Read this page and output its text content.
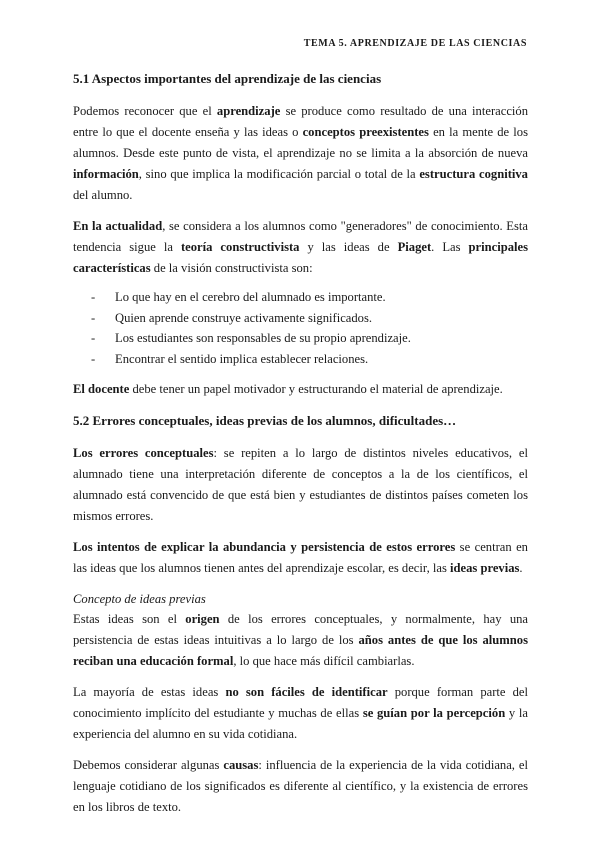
TEMA 5. APRENDIZAJE DE LAS CIENCIAS
5.1 Aspectos importantes del aprendizaje de las ciencias

Podemos reconocer que el aprendizaje se produce como resultado de una interacción entre lo que el docente enseña y las ideas o conceptos preexistentes en la mente de los alumnos. Desde este punto de vista, el aprendizaje no se limita a la absorción de nueva información, sino que implica la modificación parcial o total de la estructura cognitiva del alumno.

En la actualidad, se considera a los alumnos como "generadores" de conocimiento. Esta tendencia sigue la teoría constructivista y las ideas de Piaget. Las principales características de la visión constructivista son:

- Lo que hay en el cerebro del alumnado es importante.
- Quien aprende construye activamente significados.
- Los estudiantes son responsables de su propio aprendizaje.
- Encontrar el sentido implica establecer relaciones.

El docente debe tener un papel motivador y estructurando el material de aprendizaje.

5.2 Errores conceptuales, ideas previas de los alumnos, dificultades…

Los errores conceptuales: se repiten a lo largo de distintos niveles educativos, el alumnado tiene una interpretación diferente de conceptos a la de los científicos, el alumnado está convencido de que está bien y estudiantes de distintos países cometen los mismos errores.

Los intentos de explicar la abundancia y persistencia de estos errores se centran en las ideas que los alumnos tienen antes del aprendizaje escolar, es decir, las ideas previas.

Concepto de ideas previas

Estas ideas son el origen de los errores conceptuales, y normalmente, hay una persistencia de estas ideas intuitivas a lo largo de los años antes de que los alumnos reciban una educación formal, lo que hace más difícil cambiarlas.

La mayoría de estas ideas no son fáciles de identificar porque forman parte del conocimiento implícito del estudiante y muchas de ellas se guían por la percepción y la experiencia del alumno en su vida cotidiana.

Debemos considerar algunas causas: influencia de la experiencia de la vida cotidiana, el lenguaje cotidiano de los significados es diferente al científico, y la existencia de errores en los libros de texto.
